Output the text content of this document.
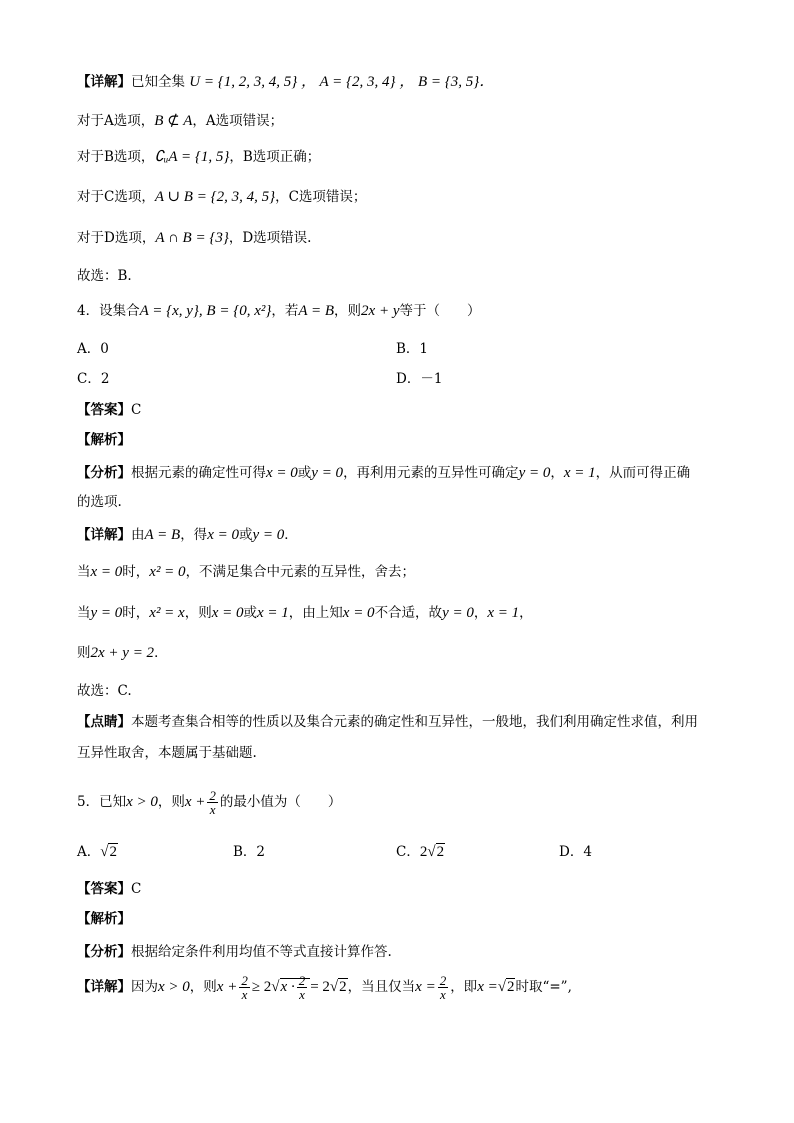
【详解】已知全集 U = {1, 2, 3, 4, 5} ， A = {2, 3, 4} ， B = {3, 5}．
对于A选项，B ⊄ A，A选项错误；
对于B选项，∁ᵤA = {1, 5}，B选项正确；
对于C选项，A ∪ B = {2, 3, 4, 5}，C选项错误；
对于D选项，A ∩ B = {3}，D选项错误.
故选：B.
4．设集合A = {x, y}, B = {0, x²}，若A = B，则2x + y等于（　　）
A．0	B．1
C．2	D．－1
【答案】C
【解析】
【分析】根据元素的确定性可得x = 0或y = 0，再利用元素的互异性可确定y = 0，x = 1，从而可得正确
的选项.
【详解】由A = B，得x = 0或y = 0．
当x = 0时，x² = 0，不满足集合中元素的互异性，舍去；
当y = 0时，x² = x，则x = 0或x = 1，由上知x = 0不合适，故y = 0，x = 1，
则2x + y = 2．
故选：C.
【点睛】本题考查集合相等的性质以及集合元素的确定性和互异性，一般地，我们利用确定性求值，利用
互异性取舍，本题属于基础题.
5．已知x > 0，则$x + \frac{2}{x}$ 的最小值为（　　）
A．√2	B．2	C．2√2	D．4
【答案】C
【解析】
【分析】根据给定条件利用均值不等式直接计算作答.
【详解】因为x > 0，则$x + \frac{2}{x} \ge 2√x \cdot \frac{2}{x} = 2√2$，当且仅当$x = \frac{2}{x}$ ，即x =√2时取“=”,
